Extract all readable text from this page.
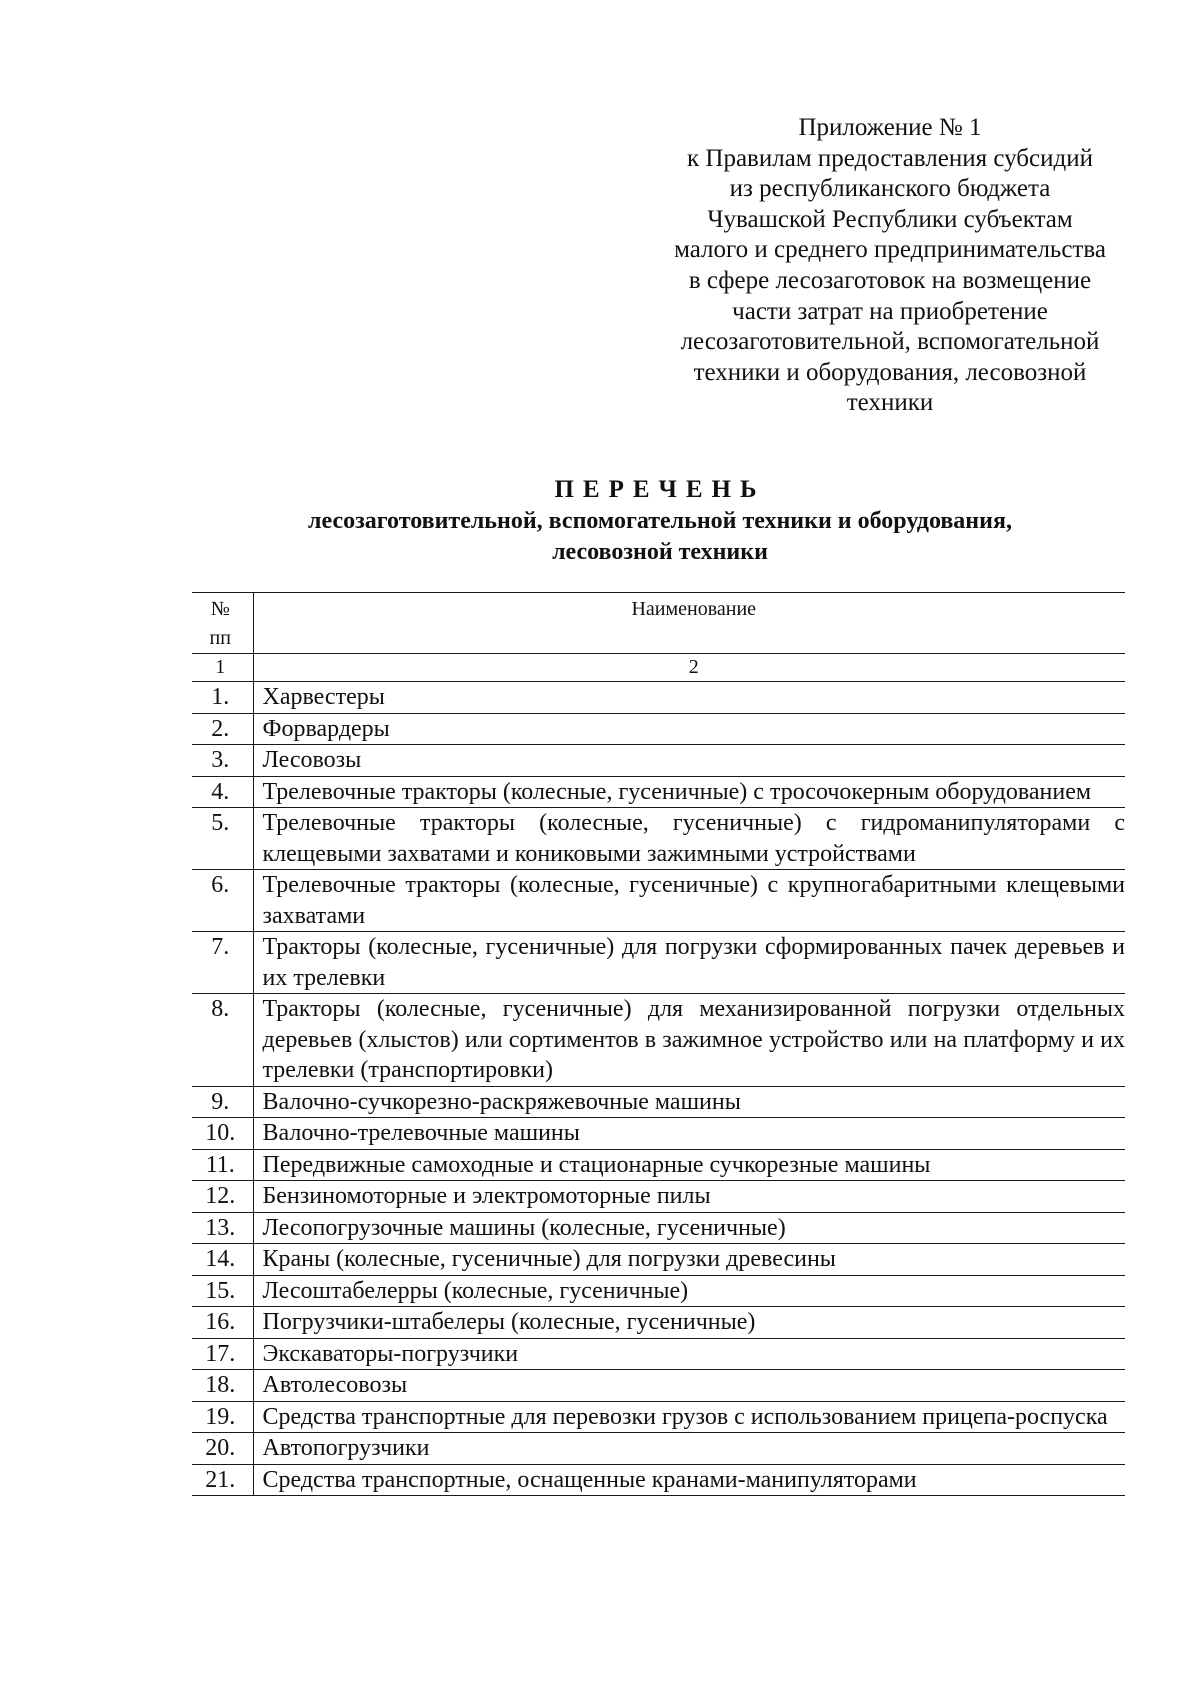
Приложение № 1
к Правилам предоставления субсидий
из республиканского бюджета
Чувашской Республики субъектам
малого и среднего предпринимательства
в сфере лесозаготовок на возмещение
части затрат на приобретение
лесозаготовительной, вспомогательной
техники и оборудования, лесовозной
техники
ПЕРЕЧЕНЬ
лесозаготовительной, вспомогательной техники и оборудования,
лесовозной техники
№
пп	Наименование
1	2
1.	Харвестеры
2.	Форвардеры
3.	Лесовозы
4.	Трелевочные тракторы (колесные, гусеничные) с тросочокерным оборудованием
5.	Трелевочные тракторы (колесные, гусеничные) с гидроманипуляторами с клещевыми захватами и кониковыми зажимными устройствами
6.	Трелевочные тракторы (колесные, гусеничные) с крупногабаритными клещевыми захватами
7.	Тракторы (колесные, гусеничные) для погрузки сформированных пачек деревьев и их трелевки
8.	Тракторы (колесные, гусеничные) для механизированной погрузки отдельных деревьев (хлыстов) или сортиментов в зажимное устройство или на платформу и их трелевки (транспортировки)
9.	Валочно-сучкорезно-раскряжевочные машины
10.	Валочно-трелевочные машины
11.	Передвижные самоходные и стационарные сучкорезные машины
12.	Бензиномоторные и электромоторные пилы
13.	Лесопогрузочные машины (колесные, гусеничные)
14.	Краны (колесные, гусеничные) для погрузки древесины
15.	Лесоштабелерры (колесные, гусеничные)
16.	Погрузчики-штабелеры (колесные, гусеничные)
17.	Экскаваторы-погрузчики
18.	Автолесовозы
19.	Средства транспортные для перевозки грузов с использованием прицепа-роспуска
20.	Автопогрузчики
21.	Средства транспортные, оснащенные кранами-манипуляторами
